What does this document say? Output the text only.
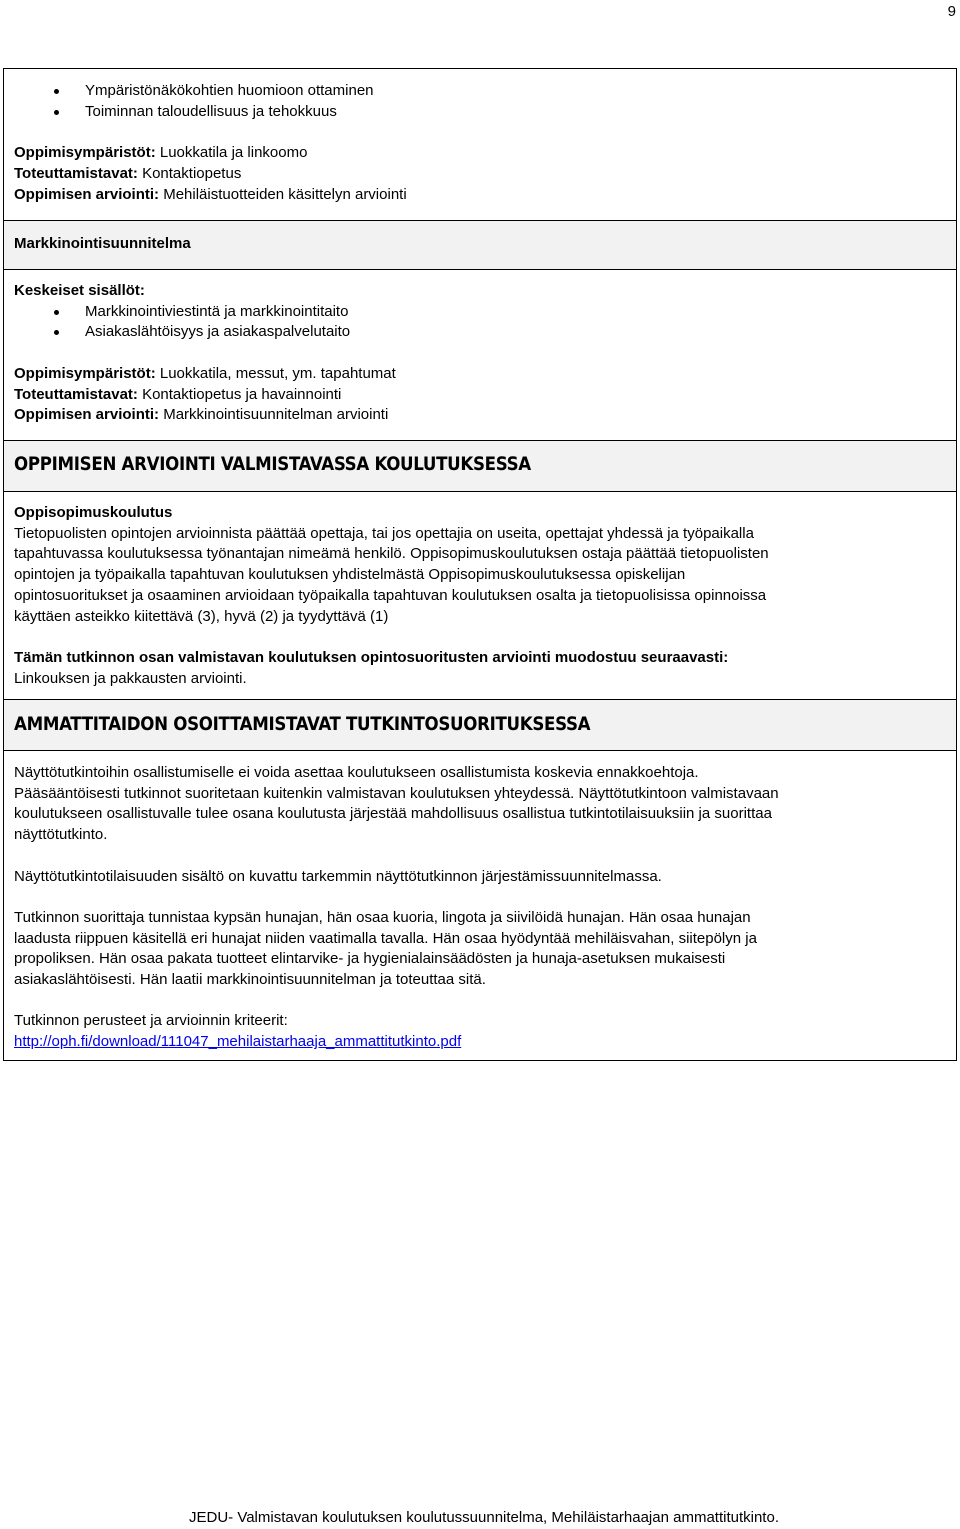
9
Ympäristönäkökohtien huomioon ottaminen
Toiminnan taloudellisuus ja tehokkuus
Oppimisympäristöt: Luokkatila ja linkoomo
Toteuttamistavat: Kontaktiopetus
Oppimisen arviointi: Mehiläistuotteiden käsittelyn arviointi
Markkinointisuunnitelma
Keskeiset sisällöt:
Markkinointiviestintä ja markkinointitaito
Asiakaslähtöisyys ja asiakaspalvelutaito
Oppimisympäristöt: Luokkatila, messut, ym. tapahtumat
Toteuttamistavat: Kontaktiopetus ja havainnointi
Oppimisen arviointi: Markkinointisuunnitelman arviointi
OPPIMISEN ARVIOINTI VALMISTAVASSA KOULUTUKSESSA
Oppisopimuskoulutus
Tietopuolisten opintojen arvioinnista päättää opettaja, tai jos opettajia on useita, opettajat yhdessä ja työpaikalla
tapahtuvassa koulutuksessa työnantajan nimeämä henkilö. Oppisopimuskoulutuksen ostaja päättää tietopuolisten
opintojen ja työpaikalla tapahtuvan koulutuksen yhdistelmästä Oppisopimuskoulutuksessa opiskelijan
opintosuoritukset ja osaaminen arvioidaan työpaikalla tapahtuvan koulutuksen osalta ja tietopuolisissa opinnoissa
käyttäen asteikko kiitettävä (3), hyvä (2) ja tyydyttävä (1)
Tämän tutkinnon osan valmistavan koulutuksen opintosuoritusten arviointi muodostuu seuraavasti:
Linkouksen ja pakkausten arviointi.
AMMATTITAIDON OSOITTAMISTAVAT TUTKINTOSUORITUKSESSA
Näyttötutkintoihin osallistumiselle ei voida asettaa koulutukseen osallistumista koskevia ennakkoehtoja.
Pääsääntöisesti tutkinnot suoritetaan kuitenkin valmistavan koulutuksen yhteydessä. Näyttötutkintoon valmistavaan
koulutukseen osallistuvalle tulee osana koulutusta järjestää mahdollisuus osallistua tutkintotilaisuuksiin ja suorittaa
näyttötutkinto.
Näyttötutkintotilaisuuden sisältö on kuvattu tarkemmin näyttötutkinnon järjestämissuunnitelmassa.
Tutkinnon suorittaja tunnistaa kypsän hunajan, hän osaa kuoria, lingota ja siivilöidä hunajan. Hän osaa hunajan
laadusta riippuen käsitellä eri hunajat niiden vaatimalla tavalla. Hän osaa hyödyntää mehiläisvahan, siitepölyn ja
propoliksen. Hän osaa pakata tuotteet elintarvike- ja hygienialainsäädösten ja hunaja-asetuksen mukaisesti
asiakaslähtöisesti. Hän laatii markkinointisuunnitelman ja toteuttaa sitä.
Tutkinnon perusteet ja arvioinnin kriteerit:
http://oph.fi/download/111047_mehilaistarhaaja_ammattitutkinto.pdf
JEDU- Valmistavan koulutuksen koulutussuunnitelma, Mehiläistarhaajan ammattitutkinto.
